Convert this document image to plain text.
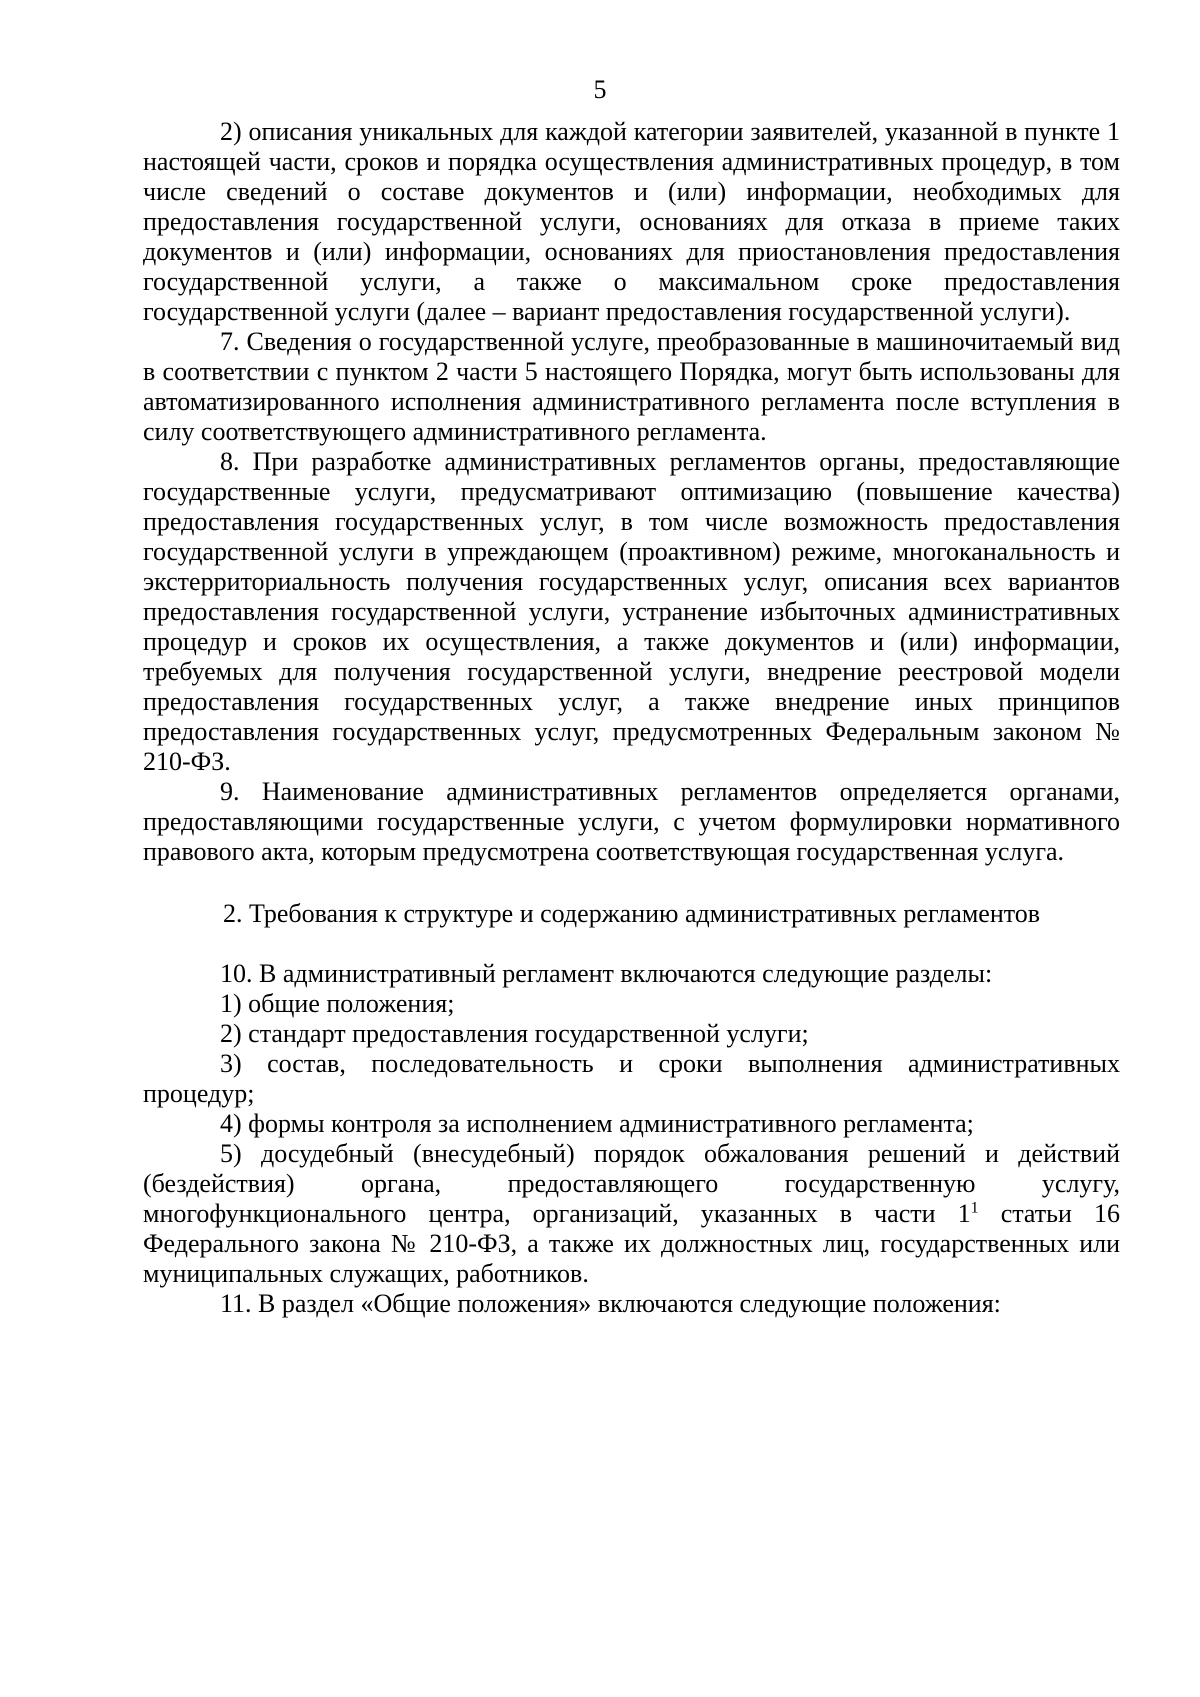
5

2) описания уникальных для каждой категории заявителей, указанной в пункте 1 настоящей части, сроков и порядка осуществления административных процедур, в том числе сведений о составе документов и (или) информации, необходимых для предоставления государственной услуги, основаниях для отказа в приеме таких документов и (или) информации, основаниях для приостановления предоставления государственной услуги, а также о максимальном сроке предоставления государственной услуги (далее – вариант предоставления государственной услуги).

7. Сведения о государственной услуге, преобразованные в машиночитаемый вид в соответствии с пунктом 2 части 5 настоящего Порядка, могут быть использованы для автоматизированного исполнения административного регламента после вступления в силу соответствующего административного регламента.

8. При разработке административных регламентов органы, предоставляющие государственные услуги, предусматривают оптимизацию (повышение качества) предоставления государственных услуг, в том числе возможность предоставления государственной услуги в упреждающем (проактивном) режиме, многоканальность и экстерриториальность получения государственных услуг, описания всех вариантов предоставления государственной услуги, устранение избыточных административных процедур и сроков их осуществления, а также документов и (или) информации, требуемых для получения государственной услуги, внедрение реестровой модели предоставления государственных услуг, а также внедрение иных принципов предоставления государственных услуг, предусмотренных Федеральным законом № 210-ФЗ.

9. Наименование административных регламентов определяется органами, предоставляющими государственные услуги, с учетом формулировки нормативного правового акта, которым предусмотрена соответствующая государственная услуга.

2. Требования к структуре и содержанию административных регламентов

10. В административный регламент включаются следующие разделы:

1) общие положения;

2) стандарт предоставления государственной услуги;

3) состав, последовательность и сроки выполнения административных процедур;

4) формы контроля за исполнением административного регламента;

5) досудебный (внесудебный) порядок обжалования решений и действий (бездействия) органа, предоставляющего государственную услугу, многофункционального центра, организаций, указанных в части $1^1$ статьи 16 Федерального закона № 210-ФЗ, а также их должностных лиц, государственных или муниципальных служащих, работников.

11. В раздел «Общие положения» включаются следующие положения:
